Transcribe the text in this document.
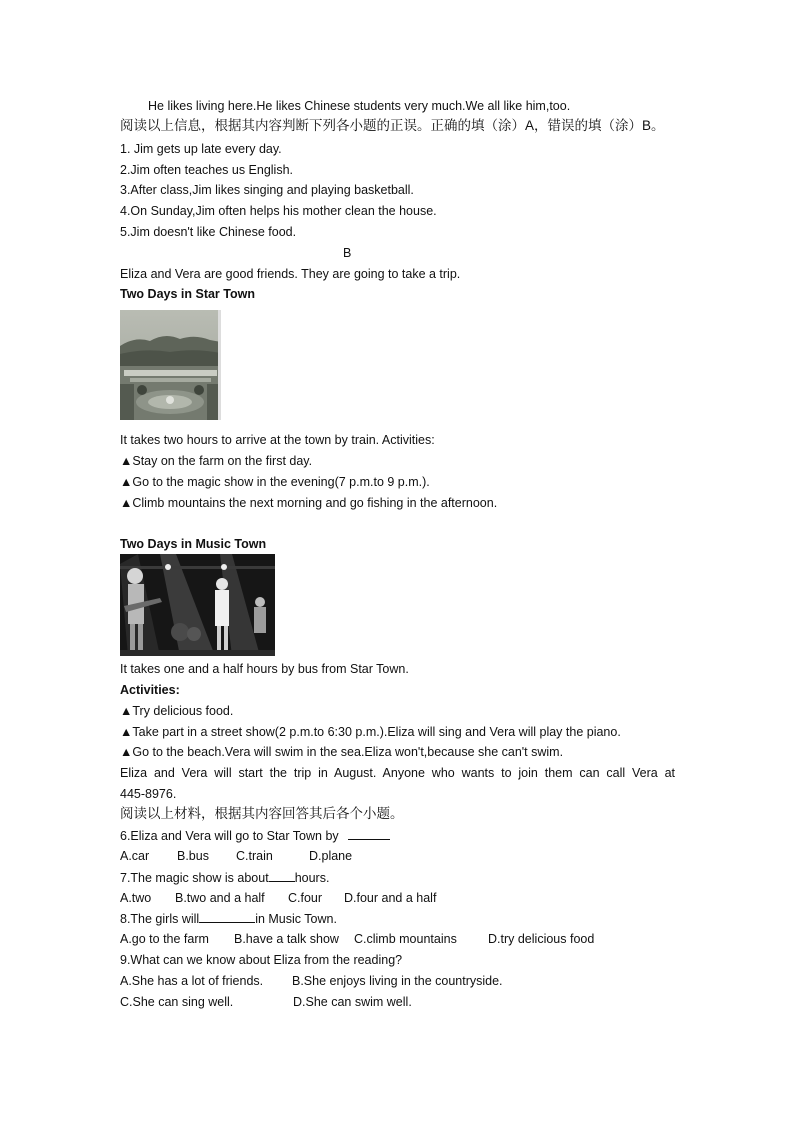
He likes living here.He likes Chinese students very much.We all like him,too.
阅读以上信息，根据其内容判断下列各小题的正误。正确的填（涂）A，错误的填（涂）B。
1. Jim gets up late every day.
2.Jim often teaches us English.
3.After class,Jim likes singing and playing basketball.
4.On Sunday,Jim often helps his mother clean the house.
5.Jim doesn't like Chinese food.
B
Eliza and Vera are good friends. They are going to take a trip.
Two Days in Star Town
It takes two hours to arrive at the town by train. Activities:
▲Stay on the farm on the first day.
▲Go to the magic show in the evening(7 p.m.to 9 p.m.).
▲Climb mountains the next morning and go fishing in the afternoon.
Two Days in Music Town
It takes one and a half hours by bus from Star Town.
Activities:
▲Try delicious food.
▲Take part in a street show(2 p.m.to 6:30 p.m.).Eliza will sing and Vera will play the piano.
▲Go to the beach.Vera will swim in the sea.Eliza won't,because she can't swim.
Eliza and Vera will start the trip in August. Anyone who wants to join them can call Vera at
445-8976.
阅读以上材料，根据其内容回答其后各个小题。
6.Eliza and Vera will go to Star Town by
A.car B.bus C.train	D.plane
7.The magic show is about hours.
A.two B.two and a half C.four D.four and a half
8.The girls will	in Music Town.
A.go to the farm B.have a talk show C.climb mountains D.try delicious food
9.What can we know about Eliza from the reading?
A.She has a lot of friends. B.She enjoys living in the countryside.
C.She can sing well.	D.She can swim well.
